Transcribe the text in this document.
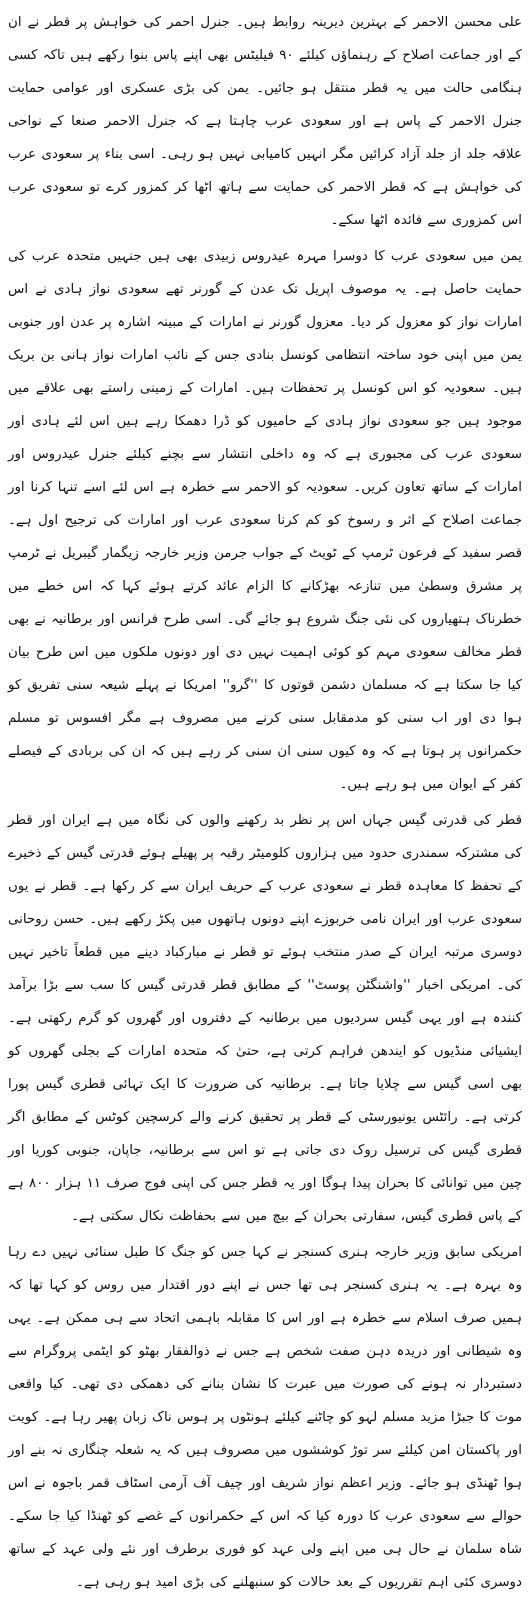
علی محسن الاحمر کے بہترین دیرینہ روابط ہیں۔ جنرل احمر کی خواہش پر قطر نے ان کے اور جماعت اصلاح کے رہنماؤں کیلئے ۹۰ فیلیٹس بھی اپنے پاس بنوا رکھے ہیں تاکہ کسی ہنگامی حالت میں یہ قطر منتقل ہو جائیں۔ یمن کی بڑی عسکری اور عوامی حمایت جنرل الاحمر کے پاس ہے اور سعودی عرب چاہتا ہے کہ جنرل الاحمر صنعا کے نواحی علاقہ جلد از جلد آزاد کرائیں مگر انہیں کامیابی نہیں ہو رہی۔ اسی بناء پر سعودی عرب کی خواہش ہے کہ قطر الاحمر کی حمایت سے ہاتھ اٹھا کر کمزور کرے تو سعودی عرب اس کمزوری سے فائدہ اٹھا سکے۔

یمن میں سعودی عرب کا دوسرا مہرہ عیدروس زبیدی بھی ہیں جنہیں متحدہ عرب کی حمایت حاصل ہے۔ یہ موصوف اپریل تک عدن کے گورنر تھے سعودی نواز ہادی نے اس امارات نواز کو معزول کر دیا۔ معزول گورنر نے امارات کے مبینہ اشارہ پر عدن اور جنوبی یمن میں اپنی خود ساختہ انتظامی کونسل بنادی جس کے نائب امارات نواز ہانی بن بریک ہیں۔ سعودیہ کو اس کونسل پر تحفظات ہیں۔ امارات کے زمینی راستے بھی علاقے میں موجود ہیں جو سعودی نواز ہادی کے حامیوں کو ڈرا دھمکا رہے ہیں اس لئے ہادی اور سعودی عرب کی مجبوری ہے کہ وہ داخلی انتشار سے بچنے کیلئے جنرل عیدروس اور امارات کے ساتھ تعاون کریں۔ سعودیہ کو الاحمر سے خطرہ ہے اس لئے اسے تنہا کرنا اور جماعت اصلاح کے اثر و رسوخ کو کم کرنا سعودی عرب اور امارات کی ترجیح اول ہے۔ قصر سفید کے فرعون ٹرمپ کے ٹویٹ کے جواب جرمن وزیر خارجہ زیگمار گیبریل نے ٹرمپ پر مشرق وسطیٰ میں تنازعہ بھڑکانے کا الزام عائد کرتے ہوئے کہا کہ اس خطے میں خطرناک ہتھیاروں کی نئی جنگ شروع ہو جائے گی۔ اسی طرح فرانس اور برطانیہ نے بھی قطر مخالف سعودی مہم کو کوئی اہمیت نہیں دی اور دونوں ملکوں میں اس طرح بیان کیا جا سکتا ہے کہ مسلمان دشمن قوتوں کا ''گرو'' امریکا نے پہلے شیعہ سنی تفریق کو ہوا دی اور اب سنی کو مدمقابل سنی کرنے میں مصروف ہے مگر افسوس تو مسلم حکمرانوں پر ہوتا ہے کہ وہ کیوں سنی ان سنی کر رہے ہیں کہ ان کی بربادی کے فیصلے کفر کے ایوان میں ہو رہے ہیں۔

قطر کی قدرتی گیس جہاں اس پر نظر بد رکھنے والوں کی نگاہ میں ہے ایران اور قطر کی مشترکہ سمندری حدود میں ہزاروں کلومیٹر رقبہ پر پھیلے ہوئے قدرتی گیس کے ذخیرے کے تحفظ کا معاہدہ قطر نے سعودی عرب کے حریف ایران سے کر رکھا ہے۔ قطر نے یوں سعودی عرب اور ایران نامی خربوزے اپنے دونوں ہاتھوں میں پکڑ رکھے ہیں۔ حسن روحانی دوسری مرتبہ ایران کے صدر منتخب ہوئے تو قطر نے مبارکباد دینے میں قطعاً تاخیر نہیں کی۔ امریکی اخبار ''واشنگٹن پوسٹ'' کے مطابق قطر قدرتی گیس کا سب سے بڑا برآمد کنندہ ہے اور یہی گیس سردیوں میں برطانیہ کے دفتروں اور گھروں کو گرم رکھتی ہے۔ ایشیائی منڈیوں کو ایندھن فراہم کرتی ہے، حتیٰ کہ متحدہ امارات کے بجلی گھروں کو بھی اسی گیس سے چلایا جاتا ہے۔ برطانیہ کی ضرورت کا ایک تہائی قطری گیس پورا کرتی ہے۔ رائٹس یونیورسٹی کے قطر پر تحقیق کرنے والے کرسچین کوٹس کے مطابق اگر قطری گیس کی ترسیل روک دی جاتی ہے تو اس سے برطانیہ، جاپان، جنوبی کوریا اور چین میں توانائی کا بحران پیدا ہوگا اور یہ قطر جس کی اپنی فوج صرف ۱۱ ہزار ۸۰۰ ہے کے پاس قطری گیس، سفارتی بحران کے بیچ میں سے بحفاظت نکال سکتی ہے۔

امریکی سابق وزیر خارجہ ہنری کسنجر نے کہا جس کو جنگ کا طبل سنائی نہیں دے رہا وہ بہرہ ہے۔ یہ ہنری کسنجر ہی تھا جس نے اپنے دور اقتدار میں روس کو کہا تھا کہ ہمیں صرف اسلام سے خطرہ ہے اور اس کا مقابلہ باہمی اتحاد سے ہی ممکن ہے۔ یہی وہ شیطانی اور دریدہ دہن صفت شخص ہے جس نے ذوالفقار بھٹو کو ایٹمی پروگرام سے دستبردار نہ ہونے کی صورت میں عبرت کا نشان بنانے کی دھمکی دی تھی۔ کیا واقعی موت کا جبڑا مزید مسلم لہو کو چاٹنے کیلئے ہونٹوں پر ہوس ناک زبان پھیر رہا ہے۔ کویت اور پاکستان امن کیلئے سر توڑ کوششوں میں مصروف ہیں کہ یہ شعلہ چنگاری نہ بنے اور ہوا ٹھنڈی ہو جائے۔ وزیر اعظم نواز شریف اور چیف آف آرمی اسٹاف قمر باجوہ نے اس حوالے سے سعودی عرب کا دورہ کیا کہ اس کے حکمرانوں کے غصے کو ٹھنڈا کیا جا سکے۔ شاہ سلمان نے حال ہی میں اپنے ولی عہد کو فوری برطرف اور نئے ولی عہد کے ساتھ دوسری کئی اہم تقرریوں کے بعد حالات کو سنبھلنے کی بڑی امید ہو رہی ہے۔
